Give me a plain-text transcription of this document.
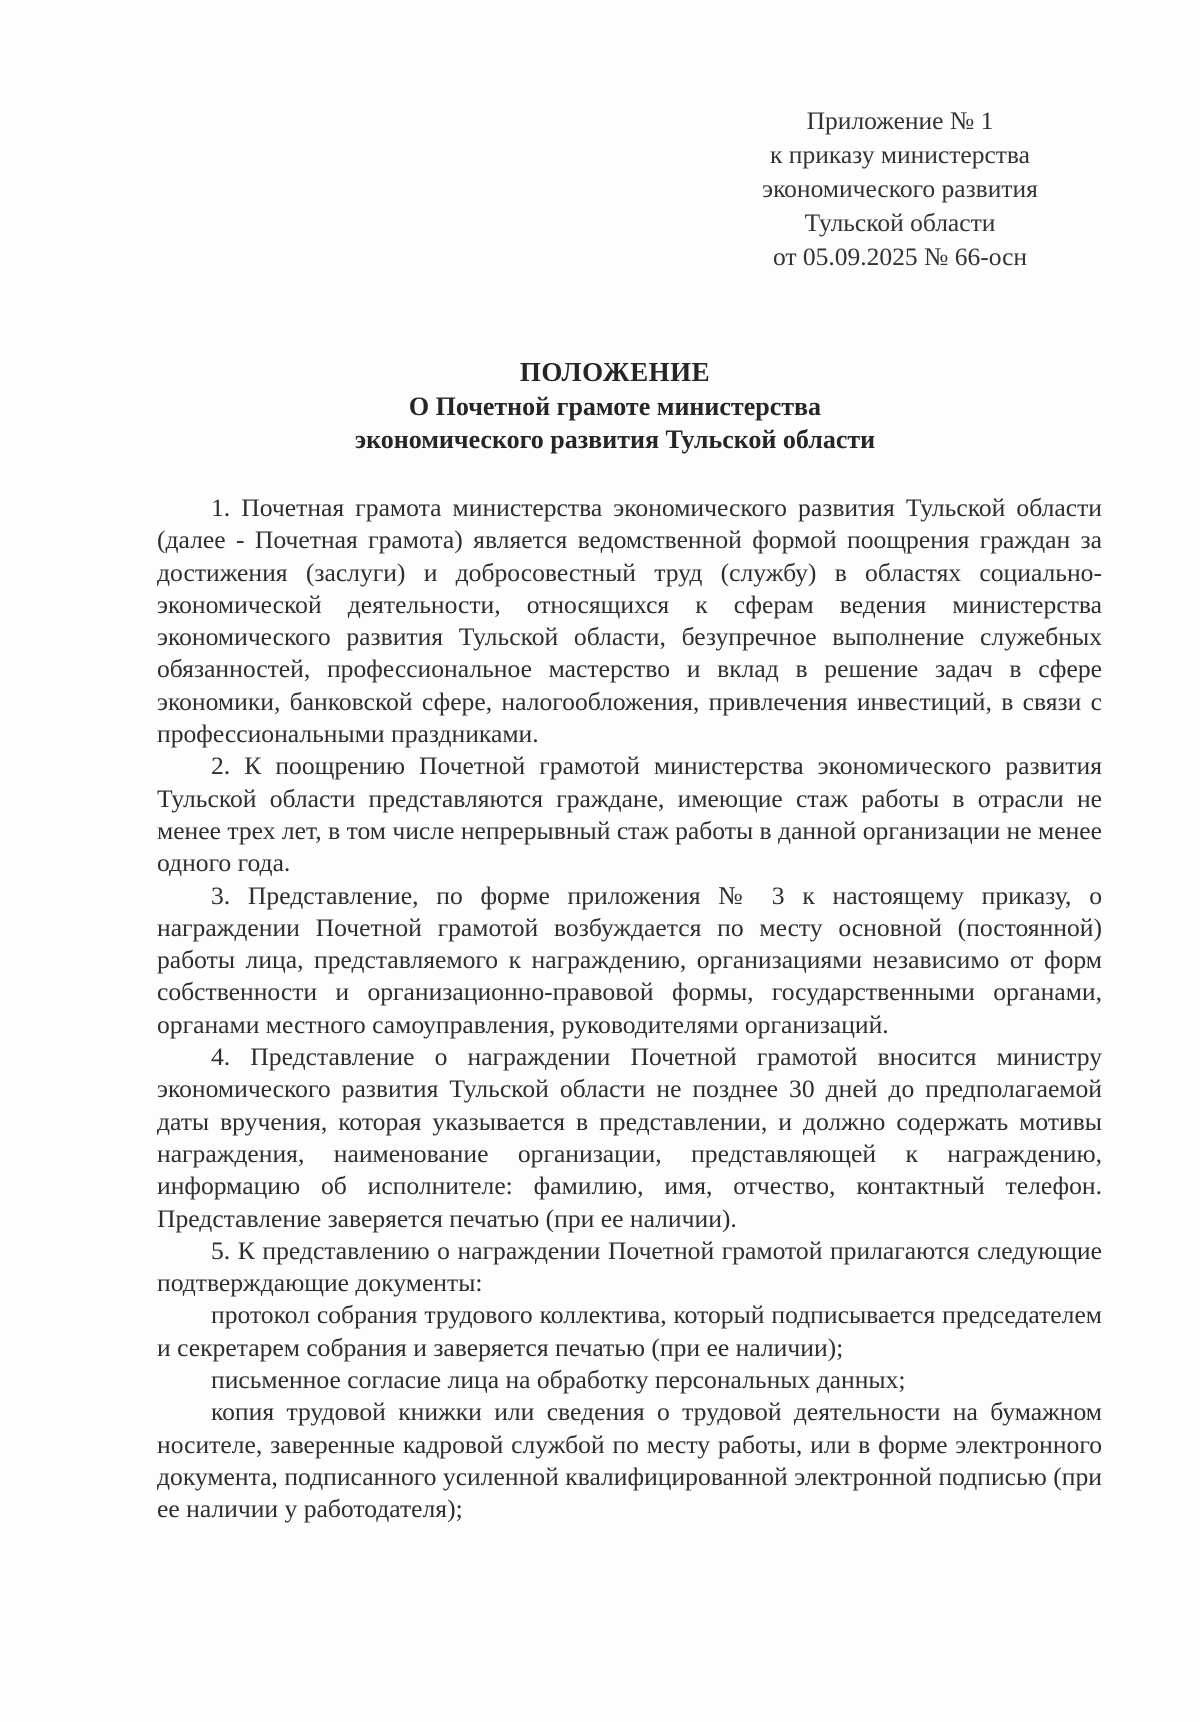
Приложение № 1
к приказу министерства
экономического развития
Тульской области
от 05.09.2025 № 66-осн
ПОЛОЖЕНИЕ
О Почетной грамоте министерства
экономического развития Тульской области

1. Почетная грамота министерства экономического развития Тульской области (далее - Почетная грамота) является ведомственной формой поощрения граждан за достижения (заслуги) и добросовестный труд (службу) в областях социально-экономической деятельности, относящихся к сферам ведения министерства экономического развития Тульской области, безупречное выполнение служебных обязанностей, профессиональное мастерство и вклад в решение задач в сфере экономики, банковской сфере, налогообложения, привлечения инвестиций, в связи с профессиональными праздниками.

2. К поощрению Почетной грамотой министерства экономического развития Тульской области представляются граждане, имеющие стаж работы в отрасли не менее трех лет, в том числе непрерывный стаж работы в данной организации не менее одного года.

3. Представление, по форме приложения № 3 к настоящему приказу, о награждении Почетной грамотой возбуждается по месту основной (постоянной) работы лица, представляемого к награждению, организациями независимо от форм собственности и организационно-правовой формы, государственными органами, органами местного самоуправления, руководителями организаций.

4. Представление о награждении Почетной грамотой вносится министру экономического развития Тульской области не позднее 30 дней до предполагаемой даты вручения, которая указывается в представлении, и должно содержать мотивы награждения, наименование организации, представляющей к награждению, информацию об исполнителе: фамилию, имя, отчество, контактный телефон. Представление заверяется печатью (при ее наличии).

5. К представлению о награждении Почетной грамотой прилагаются следующие подтверждающие документы:

протокол собрания трудового коллектива, который подписывается председателем и секретарем собрания и заверяется печатью (при ее наличии);

письменное согласие лица на обработку персональных данных;

копия трудовой книжки или сведения о трудовой деятельности на бумажном носителе, заверенные кадровой службой по месту работы, или в форме электронного документа, подписанного усиленной квалифицированной электронной подписью (при ее наличии у работодателя);
